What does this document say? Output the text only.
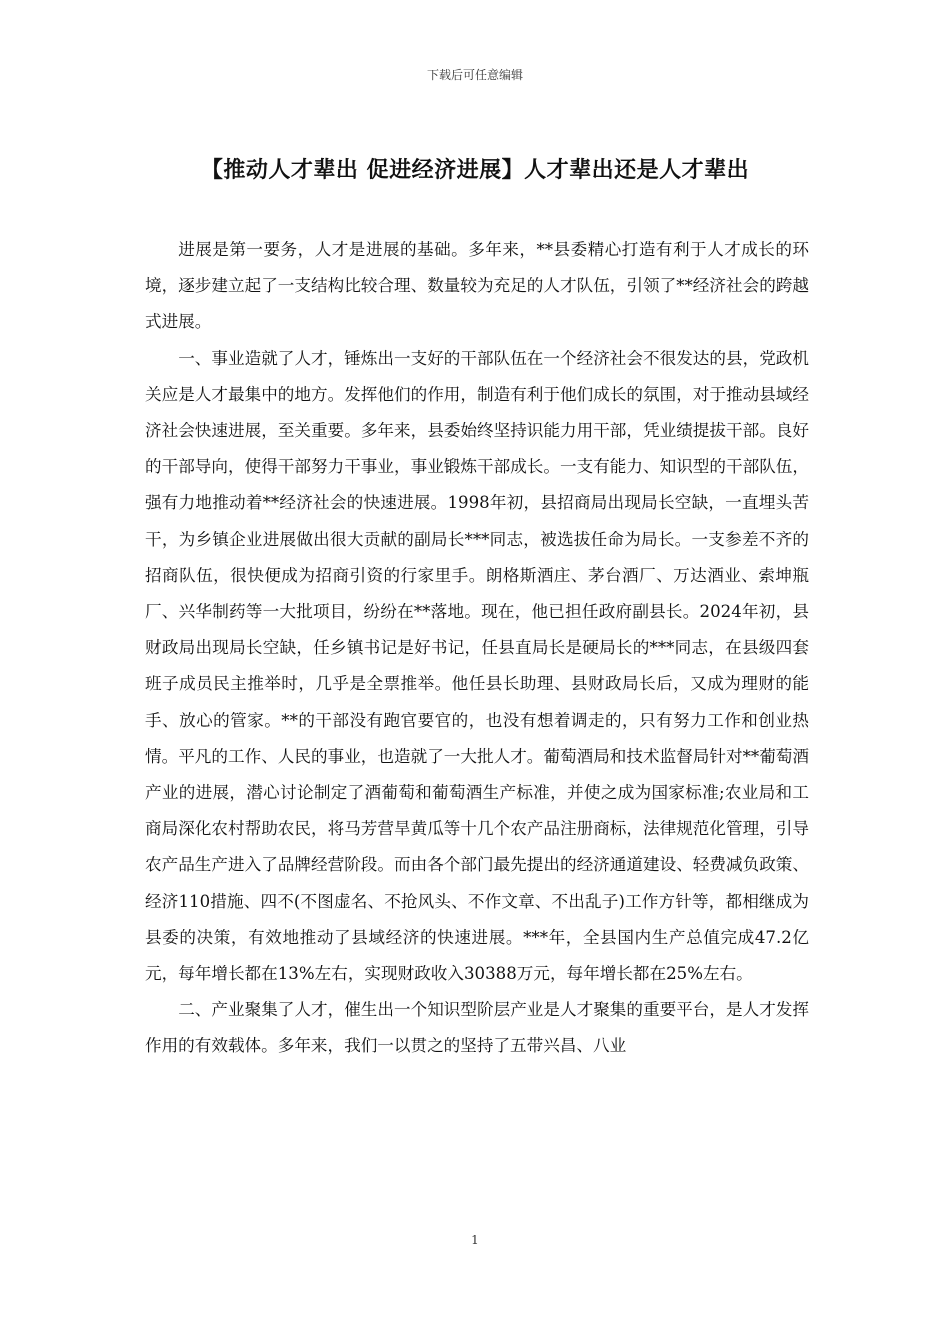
下载后可任意编辑
【推动人才辈出 促进经济进展】人才辈出还是人才辈出

进展是第一要务，人才是进展的基础。多年来，**县委精心打造有利于人才成长的环境，逐步建立起了一支结构比较合理、数量较为充足的人才队伍，引领了**经济社会的跨越式进展。

一、事业造就了人才，锤炼出一支好的干部队伍在一个经济社会不很发达的县，党政机关应是人才最集中的地方。发挥他们的作用，制造有利于他们成长的氛围，对于推动县域经济社会快速进展，至关重要。多年来，县委始终坚持识能力用干部，凭业绩提拔干部。良好的干部导向，使得干部努力干事业，事业锻炼干部成长。一支有能力、知识型的干部队伍，强有力地推动着**经济社会的快速进展。1998年初，县招商局出现局长空缺，一直埋头苦干，为乡镇企业进展做出很大贡献的副局长***同志，被选拔任命为局长。一支参差不齐的招商队伍，很快便成为招商引资的行家里手。朗格斯酒庄、茅台酒厂、万达酒业、索坤瓶厂、兴华制药等一大批项目，纷纷在**落地。现在，他已担任政府副县长。2024年初，县财政局出现局长空缺，任乡镇书记是好书记，任县直局长是硬局长的***同志，在县级四套班子成员民主推举时，几乎是全票推举。他任县长助理、县财政局长后，又成为理财的能手、放心的管家。**的干部没有跑官要官的，也没有想着调走的，只有努力工作和创业热情。平凡的工作、人民的事业，也造就了一大批人才。葡萄酒局和技术监督局针对**葡萄酒产业的进展，潜心讨论制定了酒葡萄和葡萄酒生产标准，并使之成为国家标准;农业局和工商局深化农村帮助农民，将马芳营旱黄瓜等十几个农产品注册商标，法律规范化管理，引导农产品生产进入了品牌经营阶段。而由各个部门最先提出的经济通道建设、轻费减负政策、经济110措施、四不(不图虚名、不抢风头、不作文章、不出乱子)工作方针等，都相继成为县委的决策，有效地推动了县域经济的快速进展。***年，全县国内生产总值完成47.2亿元，每年增长都在13%左右，实现财政收入30388万元，每年增长都在25%左右。

二、产业聚集了人才，催生出一个知识型阶层产业是人才聚集的重要平台，是人才发挥作用的有效载体。多年来，我们一以贯之的坚持了五带兴昌、八业

1
